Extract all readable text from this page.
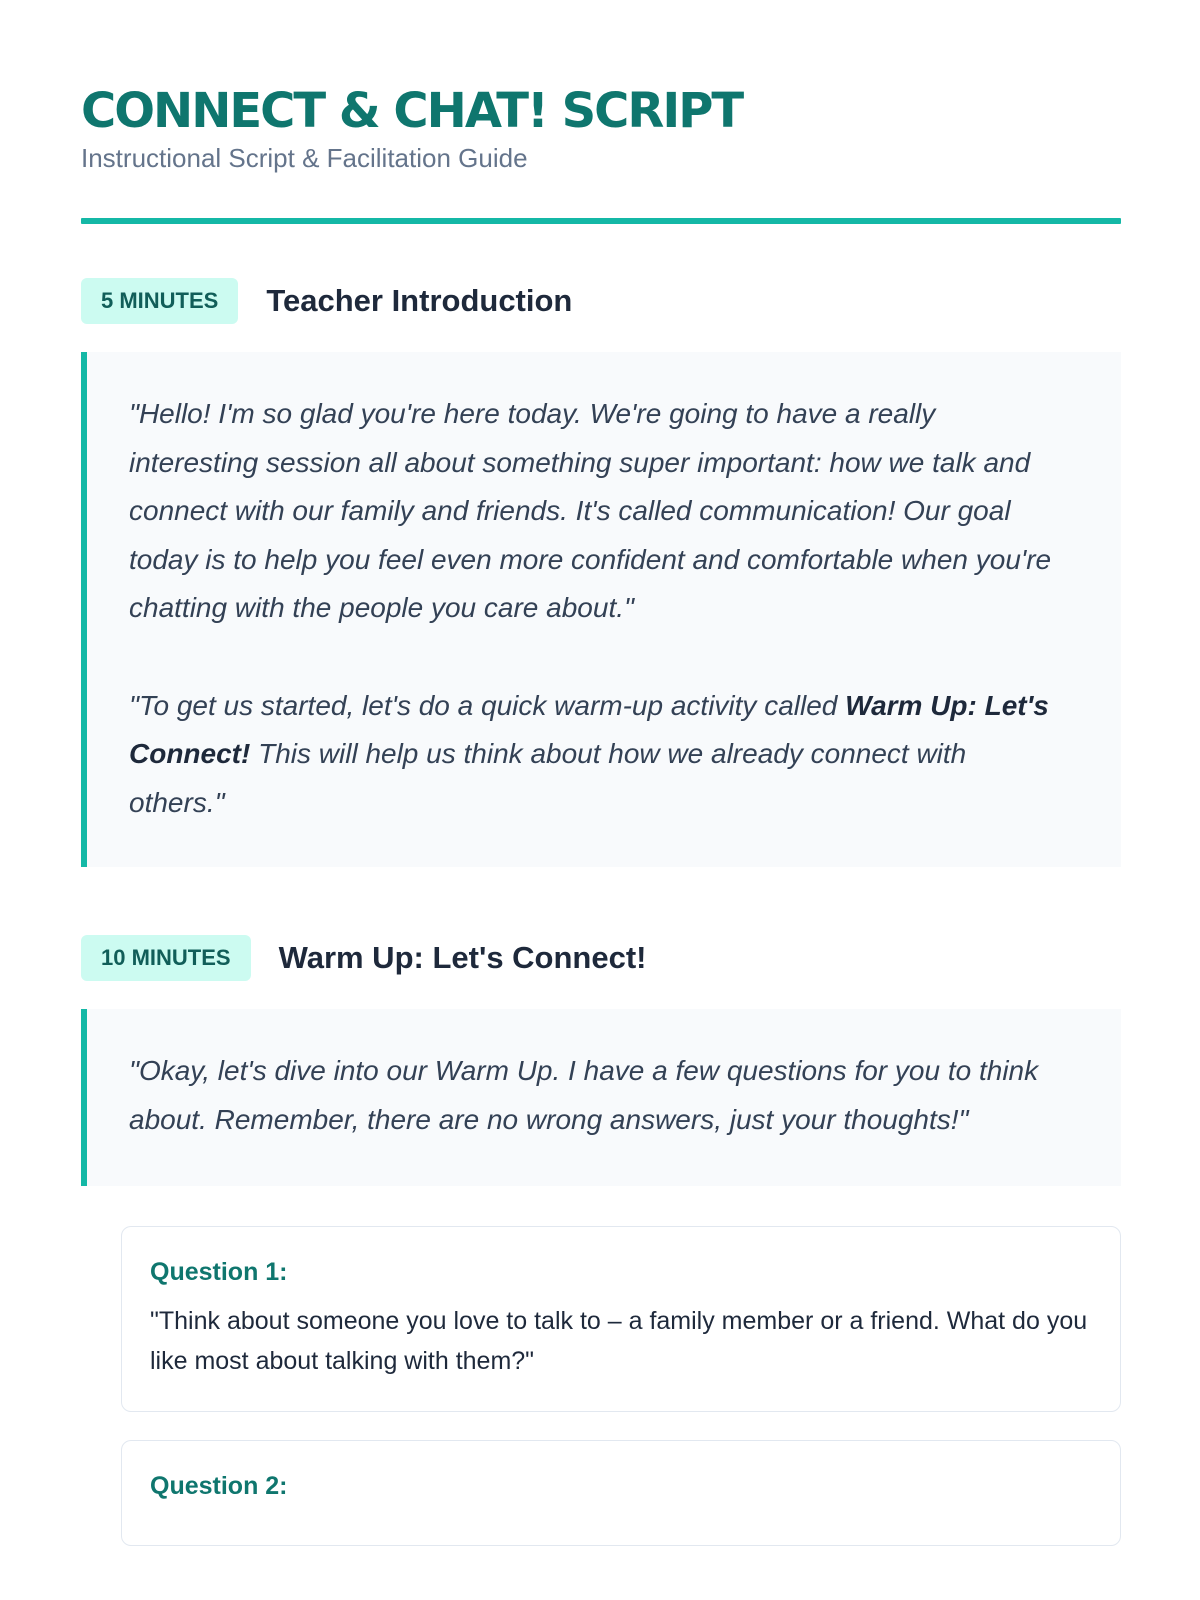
CONNECT & CHAT! SCRIPT
Instructional Script & Facilitation Guide
5 MINUTES	Teacher Introduction

"Hello! I'm so glad you're here today. We're going to have a really interesting session all about something super important: how we talk and connect with our family and friends. It's called communication! Our goal today is to help you feel even more confident and comfortable when you're chatting with the people you care about."

"To get us started, let's do a quick warm-up activity called Warm Up: Let's Connect! This will help us think about how we already connect with others."

10 MINUTES	Warm Up: Let's Connect!

"Okay, let's dive into our Warm Up. I have a few questions for you to think about. Remember, there are no wrong answers, just your thoughts!"

Question 1:
"Think about someone you love to talk to – a family member or a friend. What do you like most about talking with them?"
Question 2:
